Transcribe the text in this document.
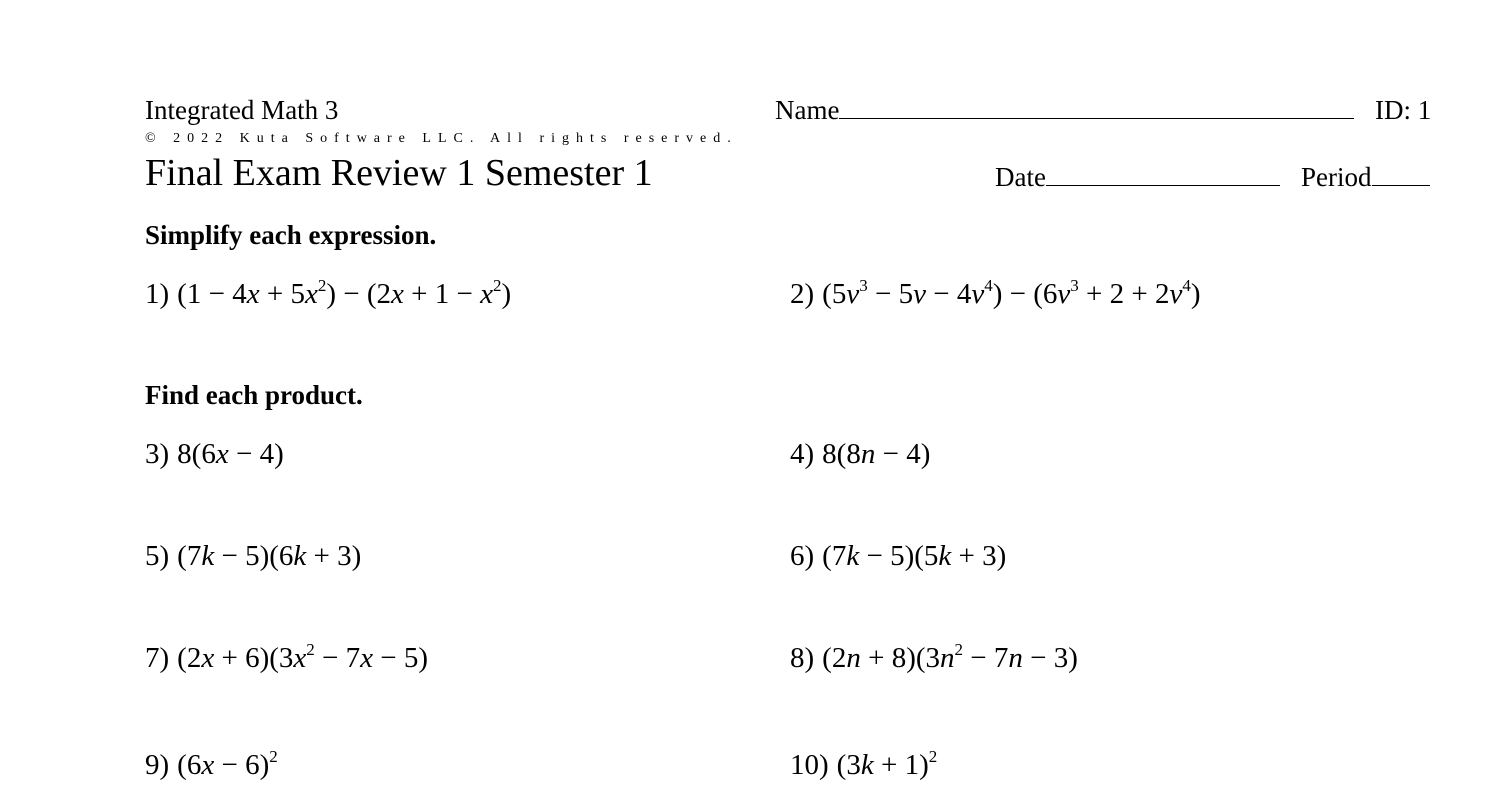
Integrated Math 3
© 2022 Kuta Software LLC. All rights reserved.
Final Exam Review 1 Semester 1
Name	ID: 1
Date	Period
Simplify each expression.
Find each product.
1) $(1 - 4x + 5x^2) - (2x + 1 - x^2)$	2) $(5v^3 - 5v - 4v^4) - (6v^3 + 2 + 2v^4)$
3) 8(6x − 4)	4) 8(8n − 4)
5) (7k − 5)(6k + 3)	6) (7k − 5)(5k + 3)
7) $(2x + 6)(3x^2 - 7x - 5)$	8) $(2n + 8)(3n^2 - 7n - 3)$
9) $(6x - 6)^2$	10) $(3k + 1)^2$
